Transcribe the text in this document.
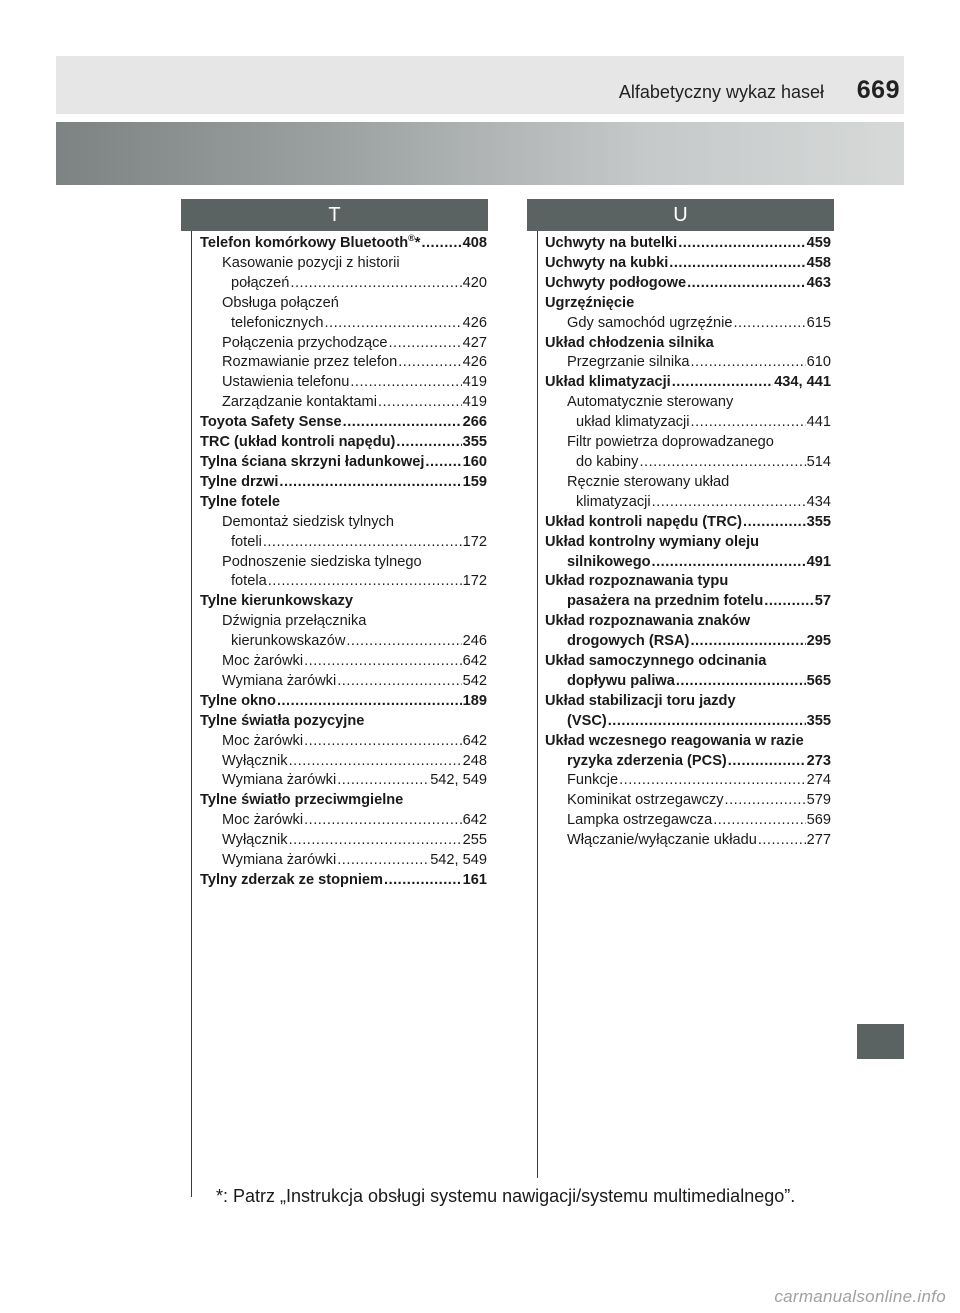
Alfabetyczny wykaz haseł 669
T	U
Telefon komórkowy Bluetooth®* .....	408
Kasowanie pozycji z historii
połączeń .....	420
Obsługa połączeń
telefonicznych .....	426
Połączenia przychodzące .....	427
Rozmawianie przez telefon .....	426
Ustawienia telefonu .....	419
Zarządzanie kontaktami .....	419
Toyota Safety Sense .....	266
TRC (układ kontroli napędu) .....	355
Tylna ściana skrzyni ładunkowej .....	160
Tylne drzwi .....	159
Tylne fotele
Demontaż siedzisk tylnych
foteli .....	172
Podnoszenie siedziska tylnego
fotela .....	172
Tylne kierunkowskazy
Dźwignia przełącznika
kierunkowskazów .....	246
Moc żarówki .....	642
Wymiana żarówki .....	542
Tylne okno .....	189
Tylne światła pozycyjne
Moc żarówki .....	642
Wyłącznik .....	248
Wymiana żarówki .....	542, 549
Tylne światło przeciwmgielne
Moc żarówki .....	642
Wyłącznik .....	255
Wymiana żarówki .....	542, 549
Tylny zderzak ze stopniem .....	161
Uchwyty na butelki .....	459
Uchwyty na kubki .....	458
Uchwyty podłogowe .....	463
Ugrzęźnięcie
Gdy samochód ugrzęźnie .....	615
Układ chłodzenia silnika
Przegrzanie silnika .....	610
Układ klimatyzacji .....	434, 441
Automatycznie sterowany
układ klimatyzacji .....	441
Filtr powietrza doprowadzanego
do kabiny .....	514
Ręcznie sterowany układ
klimatyzacji .....	434
Układ kontroli napędu (TRC) .....	355
Układ kontrolny wymiany oleju
silnikowego .....	491
Układ rozpoznawania typu
pasażera na przednim fotelu .....	57
Układ rozpoznawania znaków
drogowych (RSA) .....	295
Układ samoczynnego odcinania
dopływu paliwa .....	565
Układ stabilizacji toru jazdy
(VSC) .....	355
Układ wczesnego reagowania w razie
ryzyka zderzenia (PCS) .....	273
Funkcje .....	274
Kominikat ostrzegawczy .....	579
Lampka ostrzegawcza .....	569
Włączanie/wyłączanie układu .....	277
*: Patrz „Instrukcja obsługi systemu nawigacji/systemu multimedialnego”.
carmanualsonline.info
